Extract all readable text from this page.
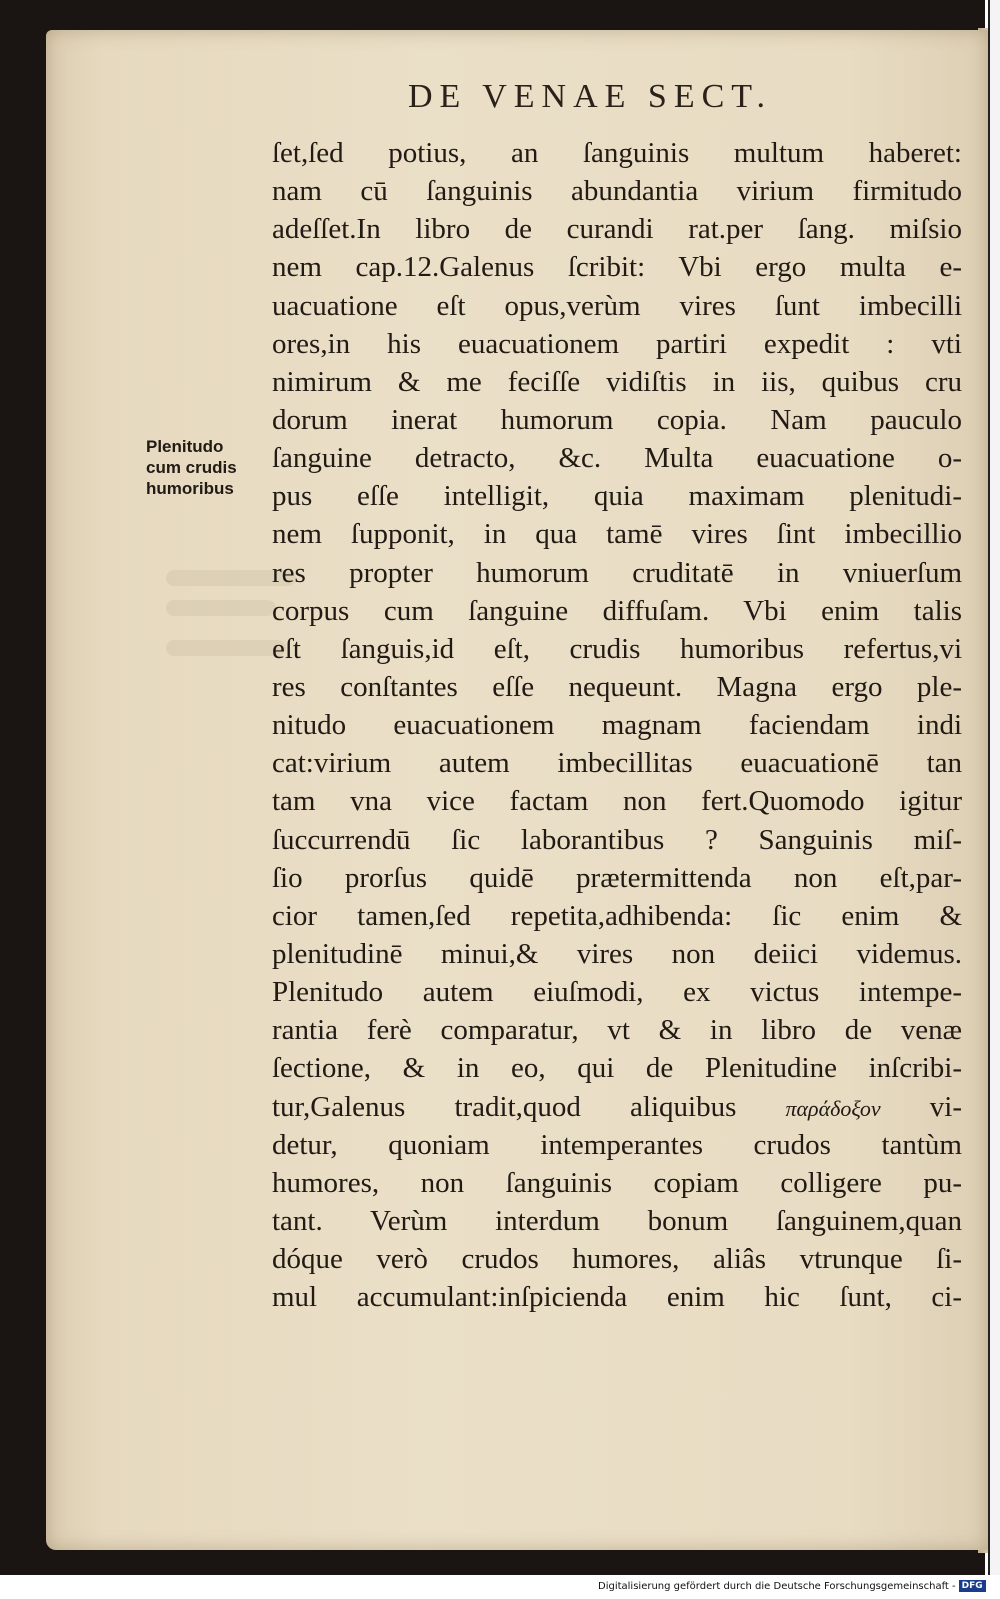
DE VENAE SECT.
Plenitudo
cum crudis
humoribus
ſet,ſed potius, an ſanguinis multum haberet:
nam cū ſanguinis abundantia virium firmitudo
adeſſet.In libro de curandi rat.per ſang. miſsio
nem cap.12.Galenus ſcribit: Vbi ergo multa e-
uacuatione eſt opus,verùm vires ſunt imbecilli
ores,in his euacuationem partiri expedit : vti
nimirum & me feciſſe vidiſtis in iis, quibus cru
dorum inerat humorum copia. Nam pauculo
ſanguine detracto, &c. Multa euacuatione o-
pus eſſe intelligit, quia maximam plenitudi-
nem ſupponit, in qua tamē vires ſint imbecillio
res propter humorum cruditatē in vniuerſum
corpus cum ſanguine diffuſam. Vbi enim talis
eſt ſanguis,id eſt, crudis humoribus refertus,vi
res conſtantes eſſe nequeunt. Magna ergo ple-
nitudo euacuationem magnam faciendam indi
cat:virium autem imbecillitas euacuationē tan
tam vna vice factam non fert.Quomodo igitur
ſuccurrendū ſic laborantibus ? Sanguinis miſ-
ſio prorſus quidē prætermittenda non eſt,par-
cior tamen,ſed repetita,adhibenda: ſic enim &
plenitudinē minui,& vires non deiici videmus.
Plenitudo autem eiuſmodi, ex victus intempe-
rantia ferè comparatur, vt & in libro de venæ
ſectione, & in eo, qui de Plenitudine inſcribi-
tur,Galenus tradit,quod aliquibus παράδοξον vi-
detur, quoniam intemperantes crudos tantùm
humores, non ſanguinis copiam colligere pu-
tant. Verùm interdum bonum ſanguinem,quan
dóque verò crudos humores, aliâs vtrunque ſi-
mul accumulant:inſpicienda enim hic ſunt, ci-
Digitalisierung gefördert durch die Deutsche Forschungsgemeinschaft - DFG
